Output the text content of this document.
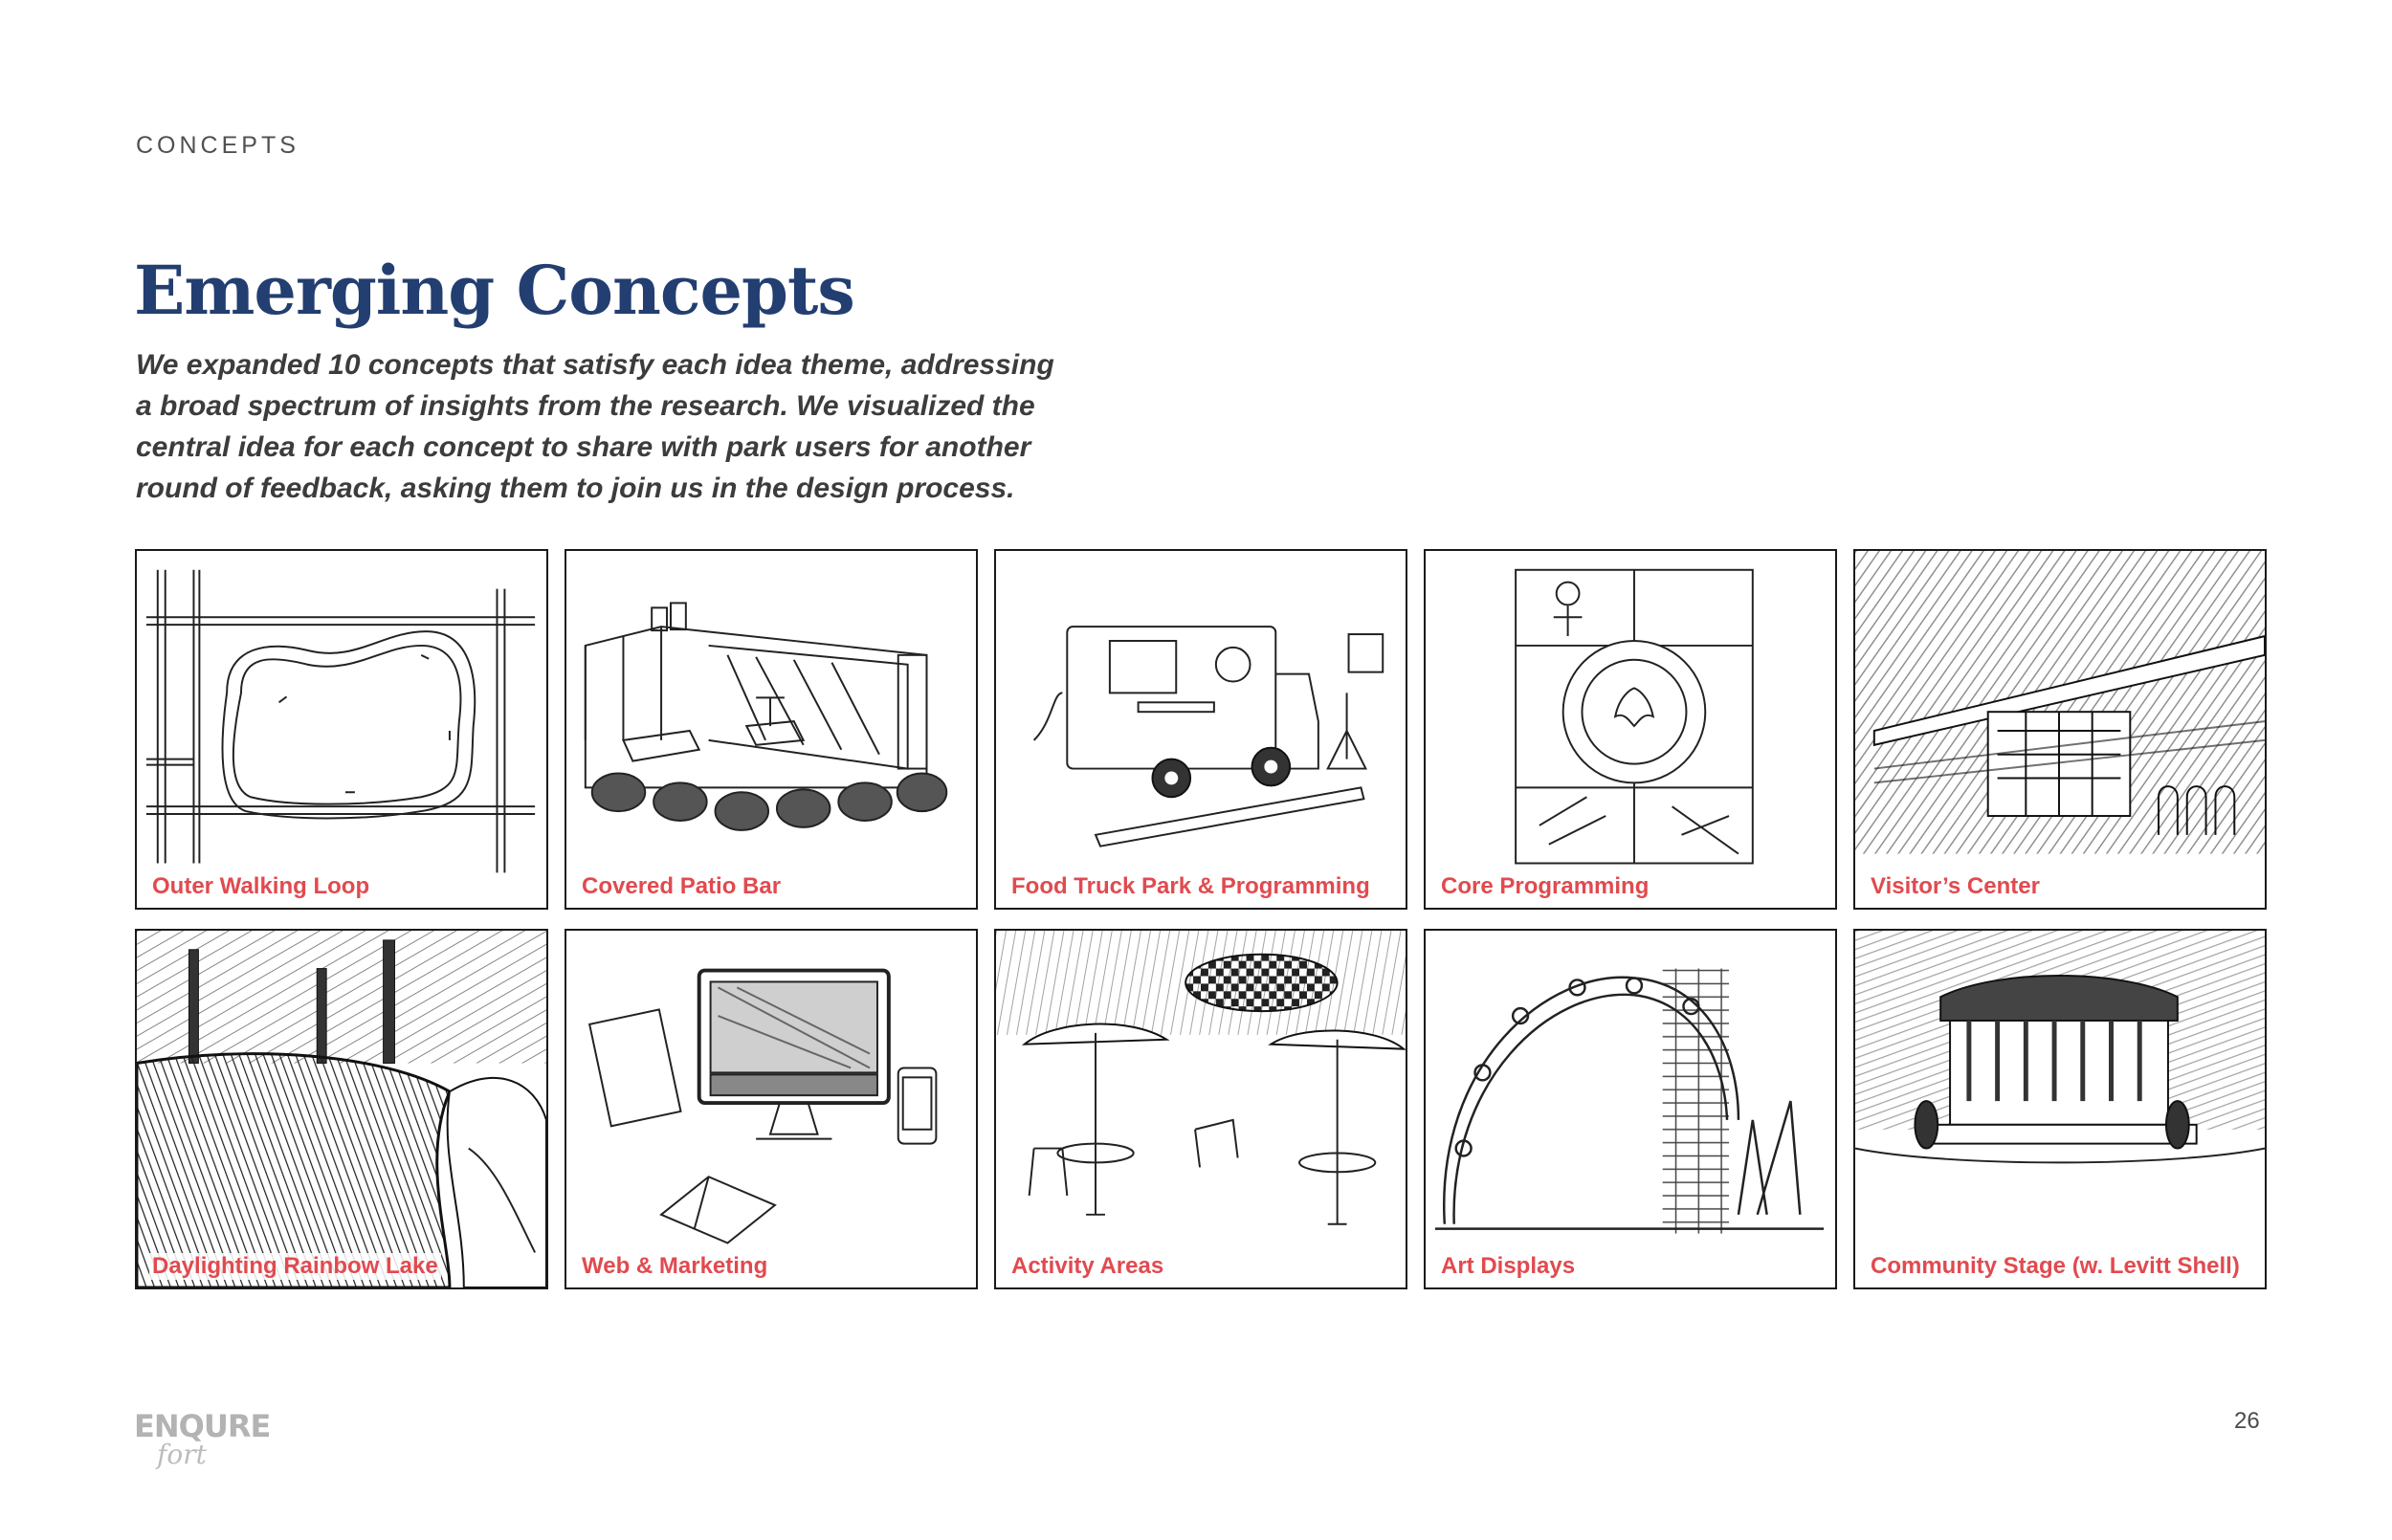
CONCEPTS
Emerging Concepts

We expanded 10 concepts that satisfy each idea theme, addressing a broad spectrum of insights from the research. We visualized the central idea for each concept to share with park users for another round of feedback, asking them to join us in the design process.

Outer Walking Loop	Covered Patio Bar	Food Truck Park & Programming	Core Programming	Visitor’s Center
Daylighting Rainbow Lake	Web & Marketing	Activity Areas	Art Displays	Community Stage (w. Levitt Shell)
ENQURE
fort
26
